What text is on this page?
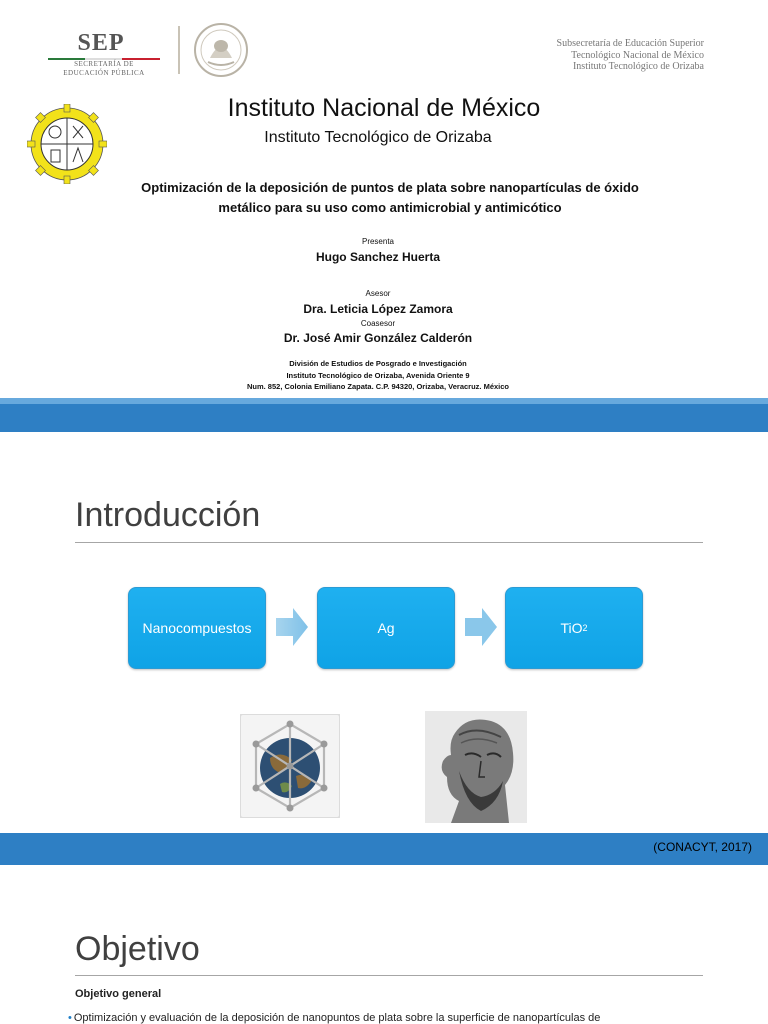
SEP
SECRETARÍA DE
EDUCACIÓN PÚBLICA
Subsecretaría de Educación Superior
Tecnológico Nacional de México
Instituto Tecnológico de Orizaba
Instituto Nacional de México
Instituto Tecnológico de Orizaba
Optimización de la deposición de puntos de plata sobre nanopartículas de óxido
metálico para su uso como antimicrobial y antimicótico
Presenta
Hugo Sanchez Huerta
Asesor
Dra. Leticia López Zamora
Coasesor
Dr. José Amir González Calderón
División de Estudios de Posgrado e Investigación
Instituto Tecnológico de Orizaba, Avenida Oriente 9
Num. 852, Colonia Emiliano Zapata. C.P. 94320, Orizaba, Veracruz. México
Introducción
Nanocompuestos	Ag	TiO 2
(CONACYT, 2017)
Objetivo
Objetivo general
• Optimización y evaluación de la deposición de nanopuntos de plata sobre la superficie de nanopartículas de
